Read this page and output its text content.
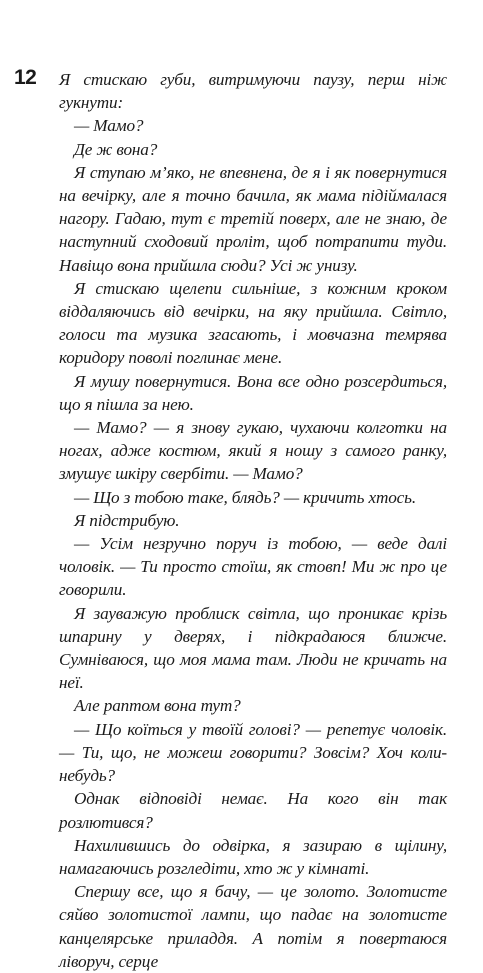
12 Я стискаю губи, витримуючи паузу, перш ніж гукнути:

— Мамо?

Де ж вона?

Я ступаю м’яко, не впевнена, де я і як повернутися на вечірку, але я точно бачила, як мама підіймалася нагору. Гадаю, тут є третій поверх, але не знаю, де наступний сходовий проліт, щоб потрапити туди. Навіщо вона прийшла сюди? Усі ж унизу.

Я стискаю щелепи сильніше, з кожним кроком віддаляючись від вечірки, на яку прийшла. Світло, голоси та музика згасають, і мовчазна темрява коридору поволі поглинає мене.

Я мушу повернутися. Вона все одно розсердиться, що я пішла за нею.

— Мамо? — я знову гукаю, чухаючи колготки на ногах, адже костюм, який я ношу з самого ранку, змушує шкіру свербіти. — Мамо?

— Що з тобою таке, блядь? — кричить хтось.

Я підстрибую.

— Усім незручно поруч із тобою, — веде далі чоловік. — Ти просто стоїш, як стовп! Ми ж про це говорили.

Я зауважую проблиск світла, що проникає крізь шпарину у дверях, і підкрадаюся ближче. Сумніваюся, що моя мама там. Люди не кричать на неї.

Але раптом вона тут?

— Що коїться у твоїй голові? — репетує чоловік. — Ти, що, не можеш говорити? Зовсім? Хоч коли-небудь?

Однак відповіді немає. На кого він так розлютився?

Нахилившись до одвірка, я зазираю в щілину, намагаючись розгледіти, хто ж у кімнаті.

Спершу все, що я бачу, — це золото. Золотисте сяйво золотистої лампи, що падає на золотисте канцелярське приладдя. А потім я повертаюся ліворуч, серце
